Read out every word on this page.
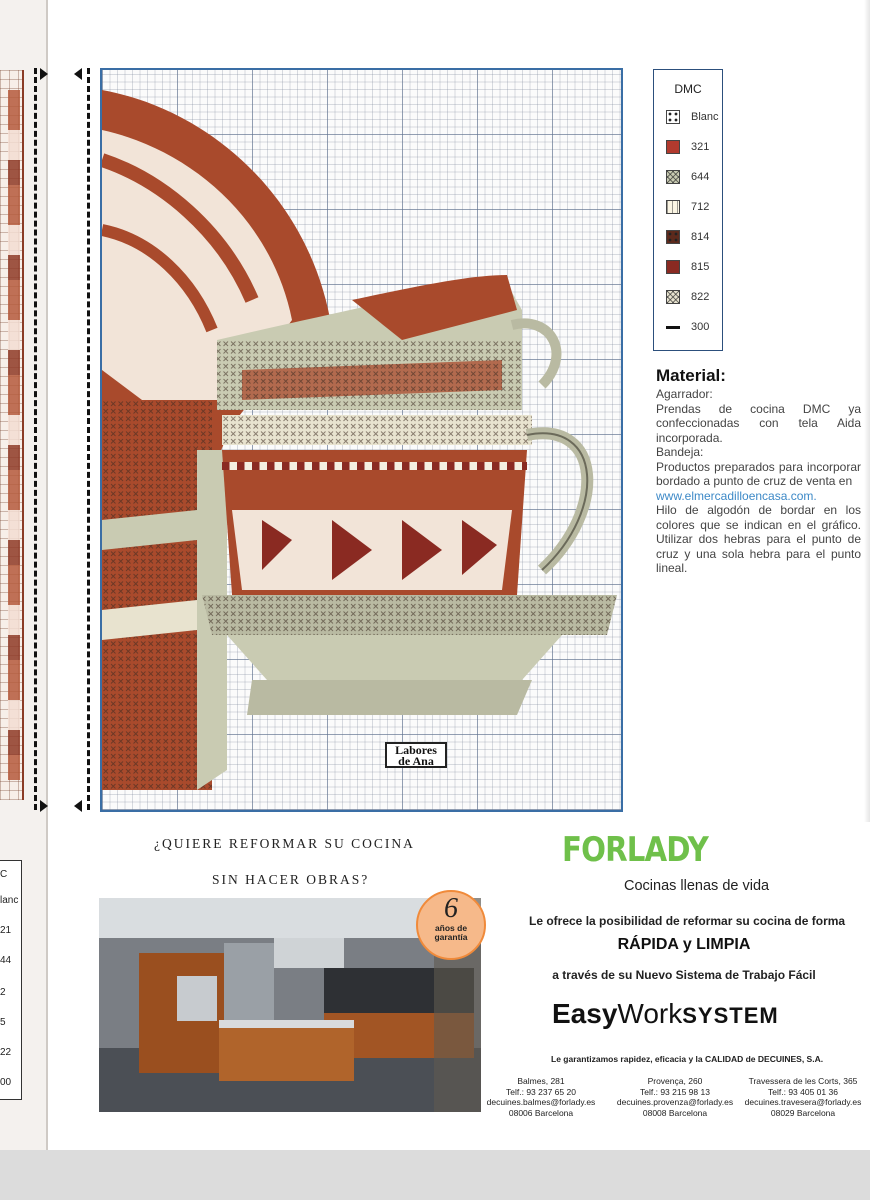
C
lanc
21
44
2
5
22
00
Labores
de Ana
DMC
Blanc
321
644
712
814
815
822
300
Material:

Agarrador:

Prendas de cocina DMC ya confeccionadas con tela Aida incorporada.

Bandeja:

Productos preparados para incorporar bordado a punto de cruz de venta en

www.elmercadilloencasa.com.

Hilo de algodón de bordar en los colores que se indican en el gráfico. Utilizar dos hebras para el punto de cruz y una sola hebra para el punto lineal.

¿QUIERE REFORMAR SU COCINA
SIN HACER OBRAS?
6
años de garantía
FORLADY
Cocinas llenas de vida
Le ofrece la posibilidad de reformar su cocina de forma
RÁPIDA y LIMPIA
a través de su Nuevo Sistema de Trabajo Fácil
EasyWorkSYSTEM
Le garantizamos rapidez, eficacia y la CALIDAD de DECUINES, S.A.
Balmes, 281
Telf.: 93 237 65 20
decuines.balmes@forlady.es
08006 Barcelona
Provença, 260
Telf.: 93 215 98 13
decuines.provenza@forlady.es
08008 Barcelona
Travessera de les Corts, 365
Telf.: 93 405 01 36
decuines.travesera@forlady.es
08029 Barcelona
